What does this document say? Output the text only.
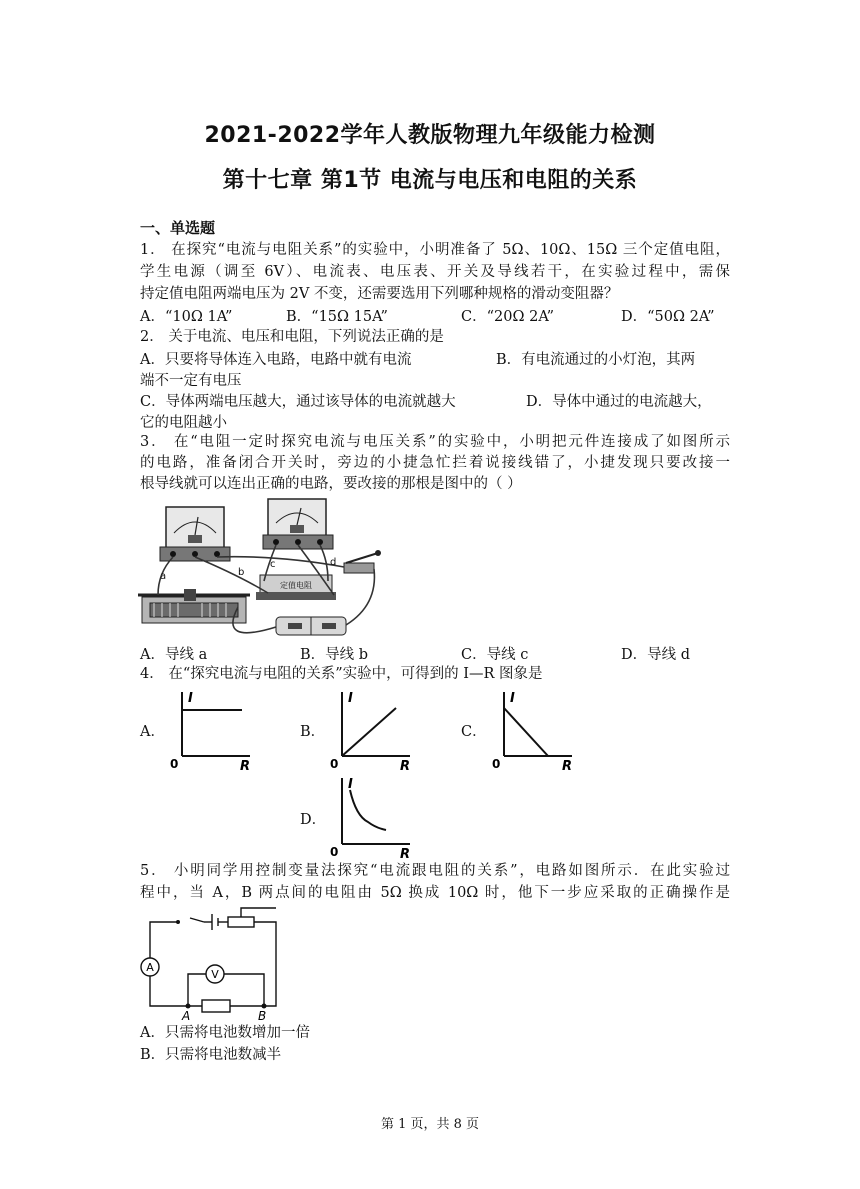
2021-2022学年人教版物理九年级能力检测
第十七章 第1节 电流与电压和电阻的关系
一、单选题
1． 在探究“电流与电阻关系”的实验中，小明准备了 5Ω、10Ω、15Ω 三个定值电阻，
学生电源（调至 6V）、电流表、电压表、开关及导线若干，在实验过程中，需保
持定值电阻两端电压为 2V 不变，还需要选用下列哪种规格的滑动变阻器？
A．“10Ω 1A”	B．“15Ω 15A”	C．“20Ω 2A”	D．“50Ω 2A”
2． 关于电流、电压和电阻，下列说法正确的是
A．只要将导体连入电路，电路中就有电流	B．有电流通过的小灯泡，其两
端不一定有电压
C．导体两端电压越大，通过该导体的电流就越大	D．导体中通过的电流越大，
它的电阻越小
3． 在“电阻一定时探究电流与电压关系”的实验中，小明把元件连接成了如图所示
的电路，准备闭合开关时，旁边的小捷急忙拦着说接线错了，小捷发现只要改接一
根导线就可以连出正确的电路，要改接的那根是图中的（ ）
定值电阻
a	b
c	d
A．导线 a	B．导线 b	C．导线 c	D．导线 d
4． 在“探究电流与电阻的关系”实验中，可得到的 I—R 图象是
A．
I
0	R
B．
I
0	R
C．
I
0	R
D．
I
0	R
5． 小明同学用控制变量法探究“电流跟电阻的关系”，电路如图所示．在此实验过
程中，当 A，B 两点间的电阻由 5Ω 换成 10Ω 时，他下一步应采取的正确操作是
A
V
A	B
A．只需将电池数增加一倍
B．只需将电池数减半
第 1 页，共 8 页
